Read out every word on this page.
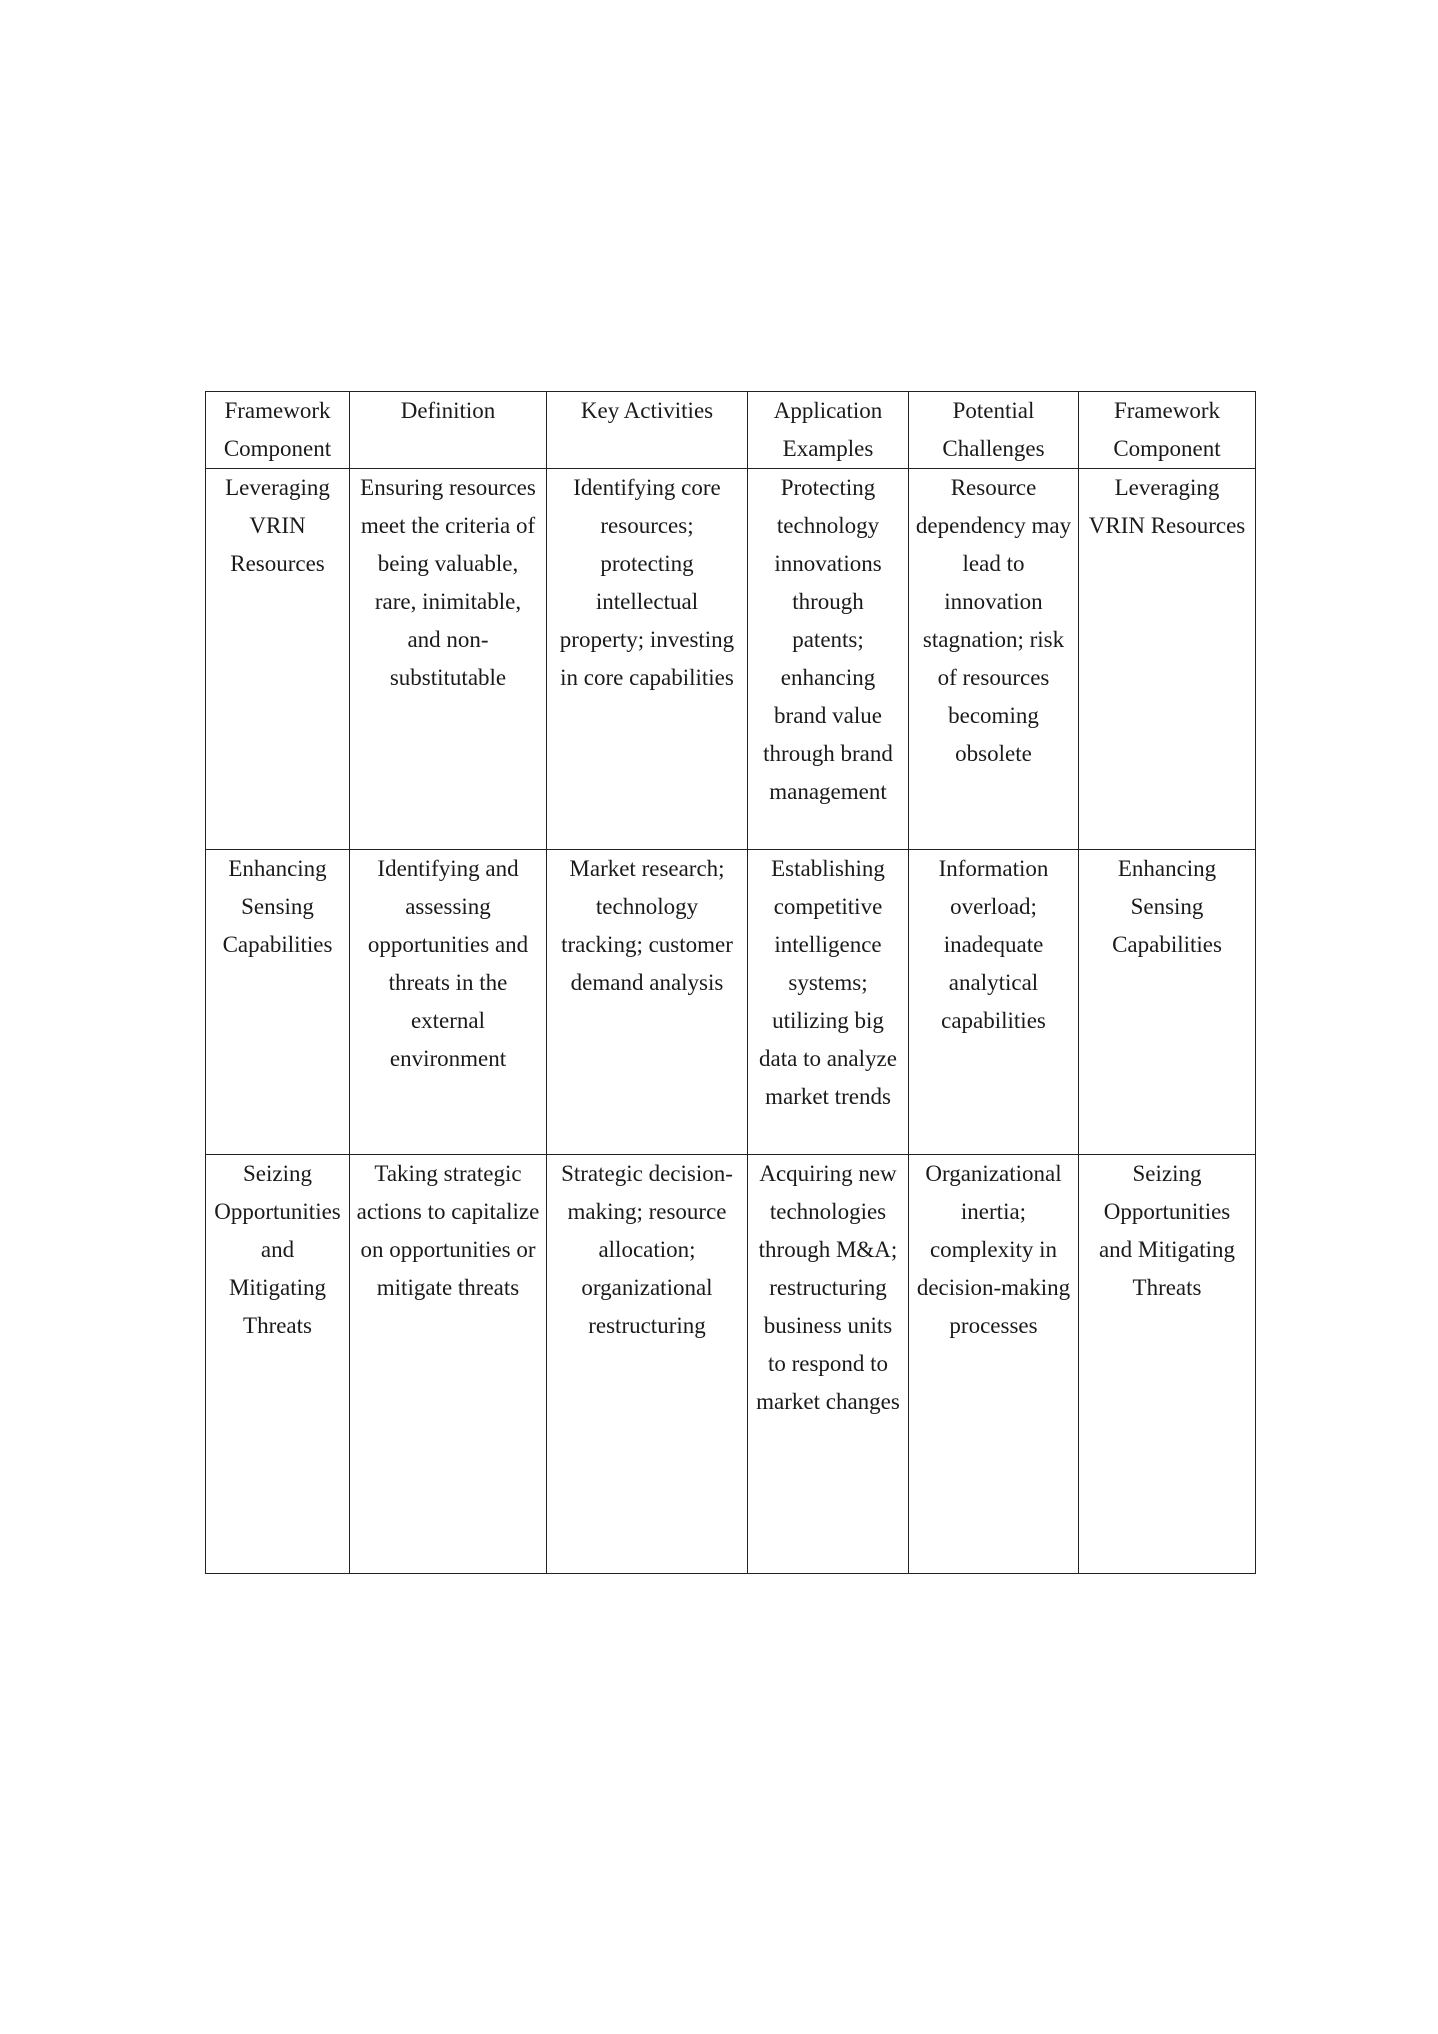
Framework Component	Definition	Key Activities	Application Examples	Potential Challenges	Framework Component
Leveraging VRIN Resources	Ensuring resources meet the criteria of being valuable, rare, inimitable, and non-substitutable	Identifying core resources; protecting intellectual property; investing in core capabilities	Protecting technology innovations through patents; enhancing brand value through brand management	Resource dependency may lead to innovation stagnation; risk of resources becoming obsolete	Leveraging VRIN Resources
Enhancing Sensing Capabilities	Identifying and assessing opportunities and threats in the external environment	Market research; technology tracking; customer demand analysis	Establishing competitive intelligence systems; utilizing big data to analyze market trends	Information overload; inadequate analytical capabilities	Enhancing Sensing Capabilities
Seizing Opportunities and Mitigating Threats	Taking strategic actions to capitalize on opportunities or mitigate threats	Strategic decision-making; resource allocation; organizational restructuring	Acquiring new technologies through M&A; restructuring business units to respond to market changes	Organizational inertia; complexity in decision-making processes	Seizing Opportunities and Mitigating Threats
